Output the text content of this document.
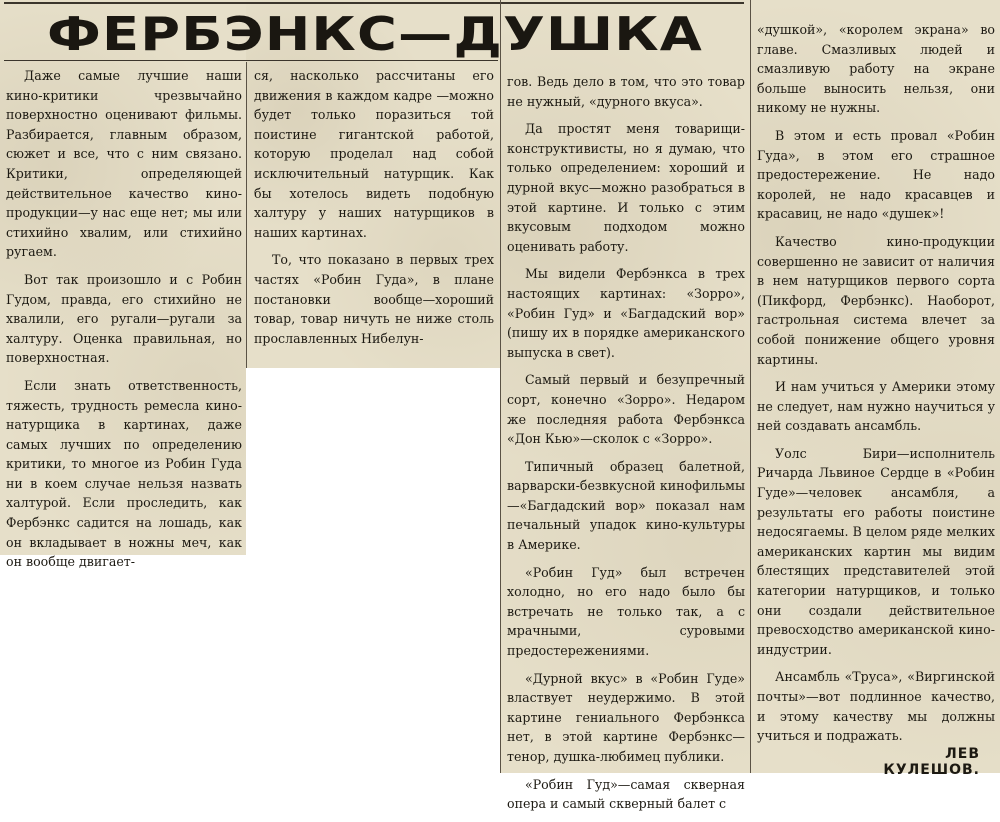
ФЕРБЭНКС—ДУШКА

Даже самые лучшие наши кино-критики чрезвычайно поверхностно оценивают фильмы. Разбирается, главным образом, сюжет и все, что с ним связано. Критики, определяющей действительное качество кино-продукции—у нас еще нет; мы или стихийно хвалим, или стихийно ругаем.

Вот так произошло и с Робин Гудом, правда, его стихийно не хвалили, его ругали—ругали за халтуру. Оценка правильная, но поверхностная.

Если знать ответственность, тяжесть, трудность ремесла кино-натурщика в картинах, даже самых лучших по определению критики, то многое из Робин Гуда ни в коем случае нельзя назвать халтурой. Если проследить, как Фербэнкс садится на лошадь, как он вкладывает в ножны меч, как он вообще двигает-

ся, насколько рассчитаны его движения в каждом кадре —можно будет только поразиться той поистине гигантской работой, которую проделал над собой исключительный натурщик. Как бы хотелось видеть подобную халтуру у наших натурщиков в наших картинах.

То, что показано в первых трех частях «Робин Гуда», в плане постановки вообще—хороший товар, товар ничуть не ниже столь прославленных Нибелун-

гов. Ведь дело в том, что это товар не нужный, «дурного вкуса».

Да простят меня товарищи-конструктивисты, но я думаю, что только определением: хороший и дурной вкус—можно разобраться в этой картине. И только с этим вкусовым подходом можно оценивать работу.

Мы видели Фербэнкса в трех настоящих картинах: «Зорро», «Робин Гуд» и «Багдадский вор» (пишу их в порядке американского выпуска в свет).

Самый первый и безупречный сорт, конечно «Зорро». Недаром же последняя работа Фербэнкса «Дон Кью»—сколок с «Зорро».

Типичный образец балетной, варварски-безвкусной кинофильмы—«Багдадский вор» показал нам печальный упадок кино-культуры в Америке.

«Робин Гуд» был встречен холодно, но его надо было бы встречать не только так, а с мрачными, суровыми предостережениями.

«Дурной вкус» в «Робин Гуде» властвует неудержимо. В этой картине гениального Фербэнкса нет, в этой картине Фербэнкс—тенор, душка-любимец публики.

«Робин Гуд»—самая скверная опера и самый скверный балет с

«душкой», «королем экрана» во главе. Смазливых людей и смазливую работу на экране больше выносить нельзя, они никому не нужны.

В этом и есть провал «Робин Гуда», в этом его страшное предостережение. Не надо королей, не надо красавцев и красавиц, не надо «душек»!

Качество кино-продукции совершенно не зависит от наличия в нем натурщиков первого сорта (Пикфорд, Фербэнкс). Наоборот, гастрольная система влечет за собой понижение общего уровня картины.

И нам учиться у Америки этому не следует, нам нужно научиться у ней создавать ансамбль.

Уолс Бири—исполнитель Ричарда Львиное Сердце в «Робин Гуде»—человек ансамбля, а результаты его работы поистине недосягаемы. В целом ряде мелких американских картин мы видим блестящих представителей этой категории натурщиков, и только они создали действительное превосходство американской кино-индустрии.

Ансамбль «Труса», «Виргинской почты»—вот подлинное качество, и этому качеству мы должны учиться и подражать.

ЛЕВ КУЛЕШОВ.
